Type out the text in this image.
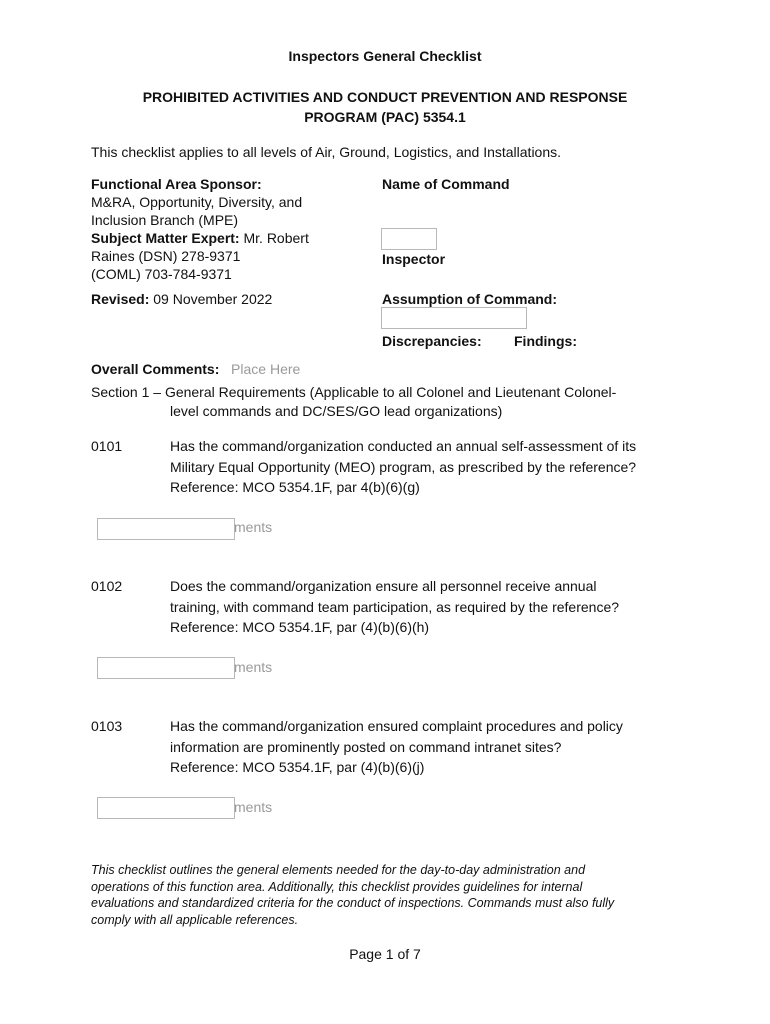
Inspectors General Checklist
PROHIBITED ACTIVITIES AND CONDUCT PREVENTION AND RESPONSE
PROGRAM (PAC) 5354.1
This checklist applies to all levels of Air, Ground, Logistics, and Installations.
Functional Area Sponsor:
M&RA, Opportunity, Diversity, and
Inclusion Branch (MPE)
Subject Matter Expert: Mr. Robert
Raines (DSN) 278-9371
(COML) 703-784-9371
Revised: 09 November 2022
Name of Command
Inspector
Assumption of Command:
Discrepancies: Findings:
Overall Comments: Place Here
Section 1 – General Requirements (Applicable to all Colonel and Lieutenant Colonel-
level commands and DC/SES/GO lead organizations)
0101	Has the command/organization conducted an annual self-assessment of its
Military Equal Opportunity (MEO) program, as prescribed by the reference?
Reference: MCO 5354.1F, par 4(b)(6)(g)
ments
0102	Does the command/organization ensure all personnel receive annual
training, with command team participation, as required by the reference?
Reference: MCO 5354.1F, par (4)(b)(6)(h)
ments
0103	Has the command/organization ensured complaint procedures and policy
information are prominently posted on command intranet sites?
Reference: MCO 5354.1F, par (4)(b)(6)(j)
ments
This checklist outlines the general elements needed for the day-to-day administration and
operations of this function area. Additionally, this checklist provides guidelines for internal
evaluations and standardized criteria for the conduct of inspections. Commands must also fully
comply with all applicable references.
Page 1 of 7
